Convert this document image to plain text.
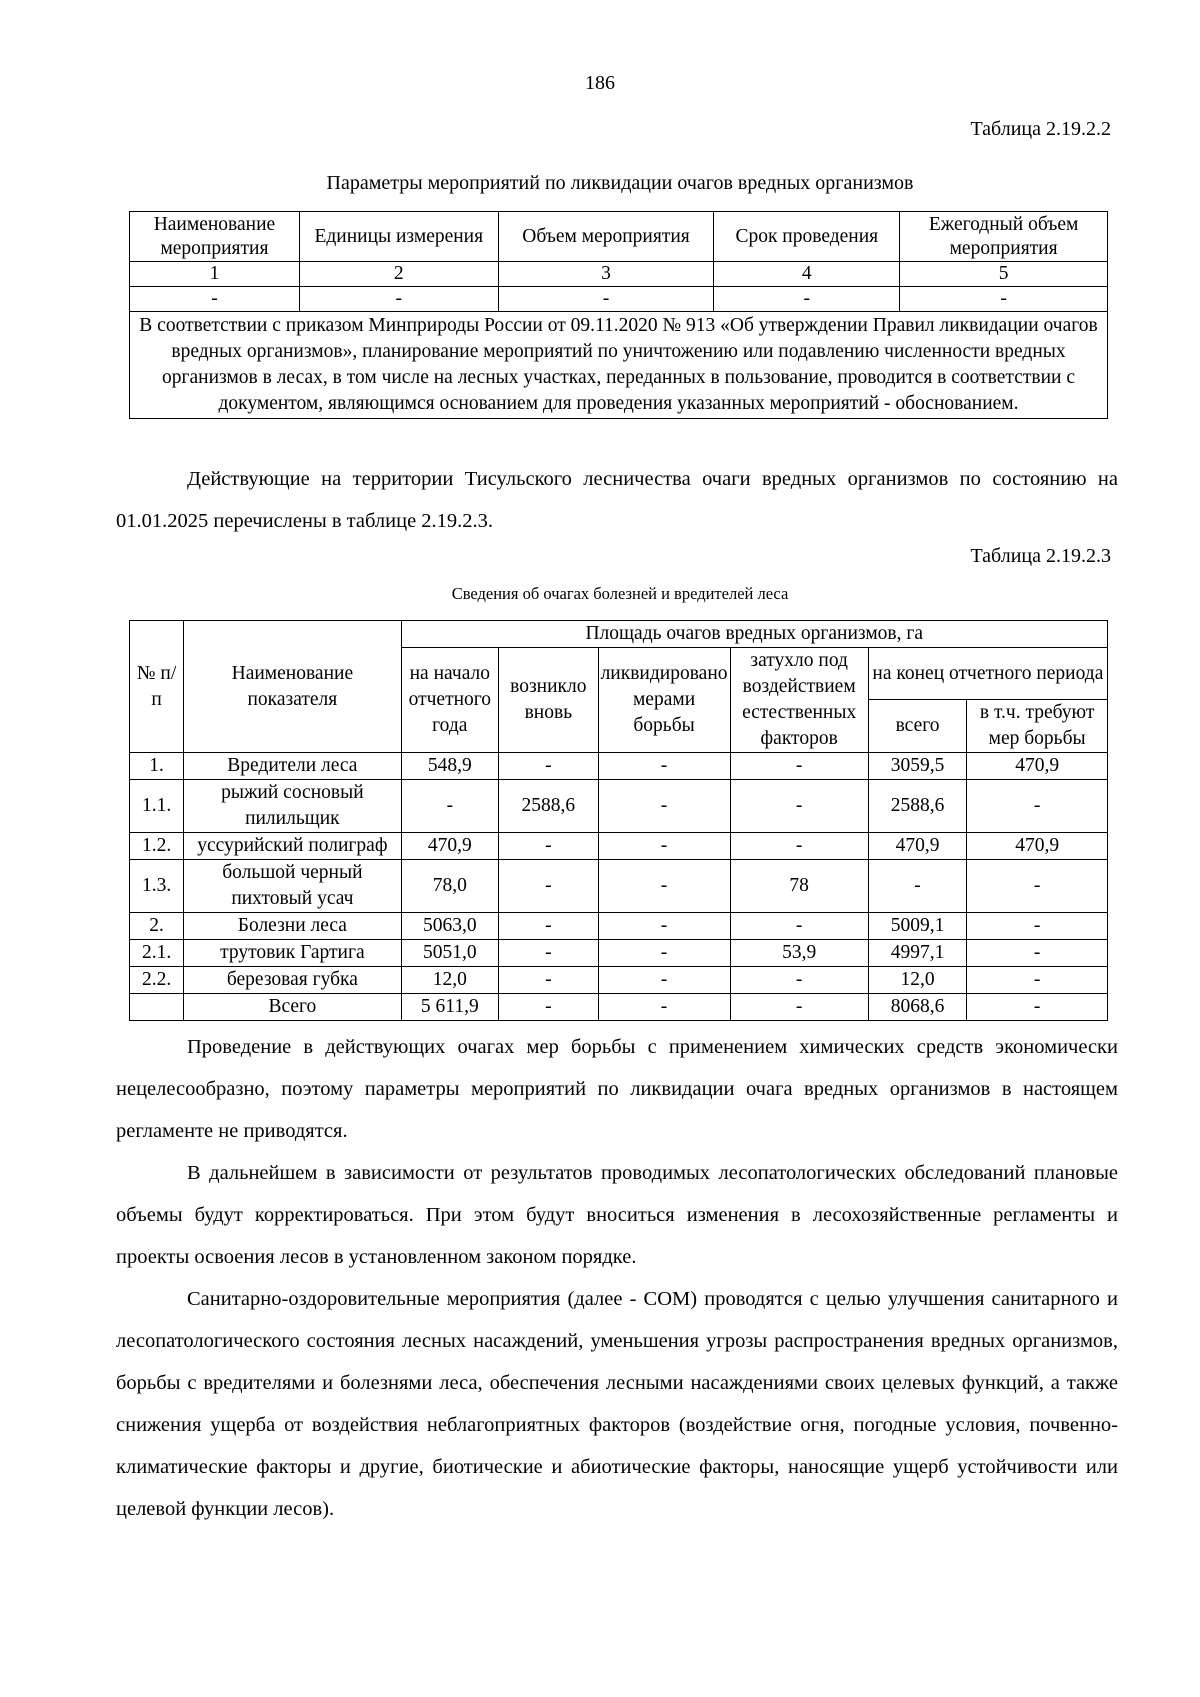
186
Таблица 2.19.2.2
Параметры мероприятий по ликвидации очагов вредных организмов
Наименование мероприятия	Единицы измерения	Объем мероприятия	Срок проведения	Ежегодный объем мероприятия
1	2	3	4	5
-	-	-	-	-
В соответствии с приказом Минприроды России от 09.11.2020 № 913 «Об утверждении Правил ликвидации очагов вредных организмов», планирование мероприятий по уничтожению или подавлению численности вредных организмов в лесах, в том числе на лесных участках, переданных в пользование, проводится в соответствии с документом, являющимся основанием для проведения указанных мероприятий - обоснованием.				

Действующие на территории Тисульского лесничества очаги вредных организмов по состоянию на 01.01.2025 перечислены в таблице 2.19.2.3.

Таблица 2.19.2.3
Сведения об очагах болезней и вредителей леса
№ п/п	Наименование показателя	Площадь очагов вредных организмов, га					
		на начало отчетного года	возникло вновь	ликвидировано мерами борьбы	затухло под воздействием естественных факторов	на конец отчетного периода	
						всего	в т.ч. требуют мер борьбы
1.	Вредители леса	548,9	-	-	-	3059,5	470,9
1.1.	рыжий сосновый пилильщик	-	2588,6	-	-	2588,6	-
1.2.	уссурийский полиграф	470,9	-	-	-	470,9	470,9
1.3.	большой черный пихтовый усач	78,0	-	-	78	-	-
2.	Болезни леса	5063,0	-	-	-	5009,1	-
2.1.	трутовик Гартига	5051,0	-	-	53,9	4997,1	-
2.2.	березовая губка	12,0	-	-	-	12,0	-
	Всего	5 611,9	-	-	-	8068,6	-

Проведение в действующих очагах мер борьбы с применением химических средств экономически нецелесообразно, поэтому параметры мероприятий по ликвидации очага вредных организмов в настоящем регламенте не приводятся.

В дальнейшем в зависимости от результатов проводимых лесопатологических обследований плановые объемы будут корректироваться. При этом будут вноситься изменения в лесохозяйственные регламенты и проекты освоения лесов в установленном законом порядке.

Санитарно-оздоровительные мероприятия (далее - СОМ) проводятся с целью улучшения санитарного и лесопатологического состояния лесных насаждений, уменьшения угрозы распространения вредных организмов, борьбы с вредителями и болезнями леса, обеспечения лесными насаждениями своих целевых функций, а также снижения ущерба от воздействия неблагоприятных факторов (воздействие огня, погодные условия, почвенно-климатические факторы и другие, биотические и абиотические факторы, наносящие ущерб устойчивости или целевой функции лесов).
